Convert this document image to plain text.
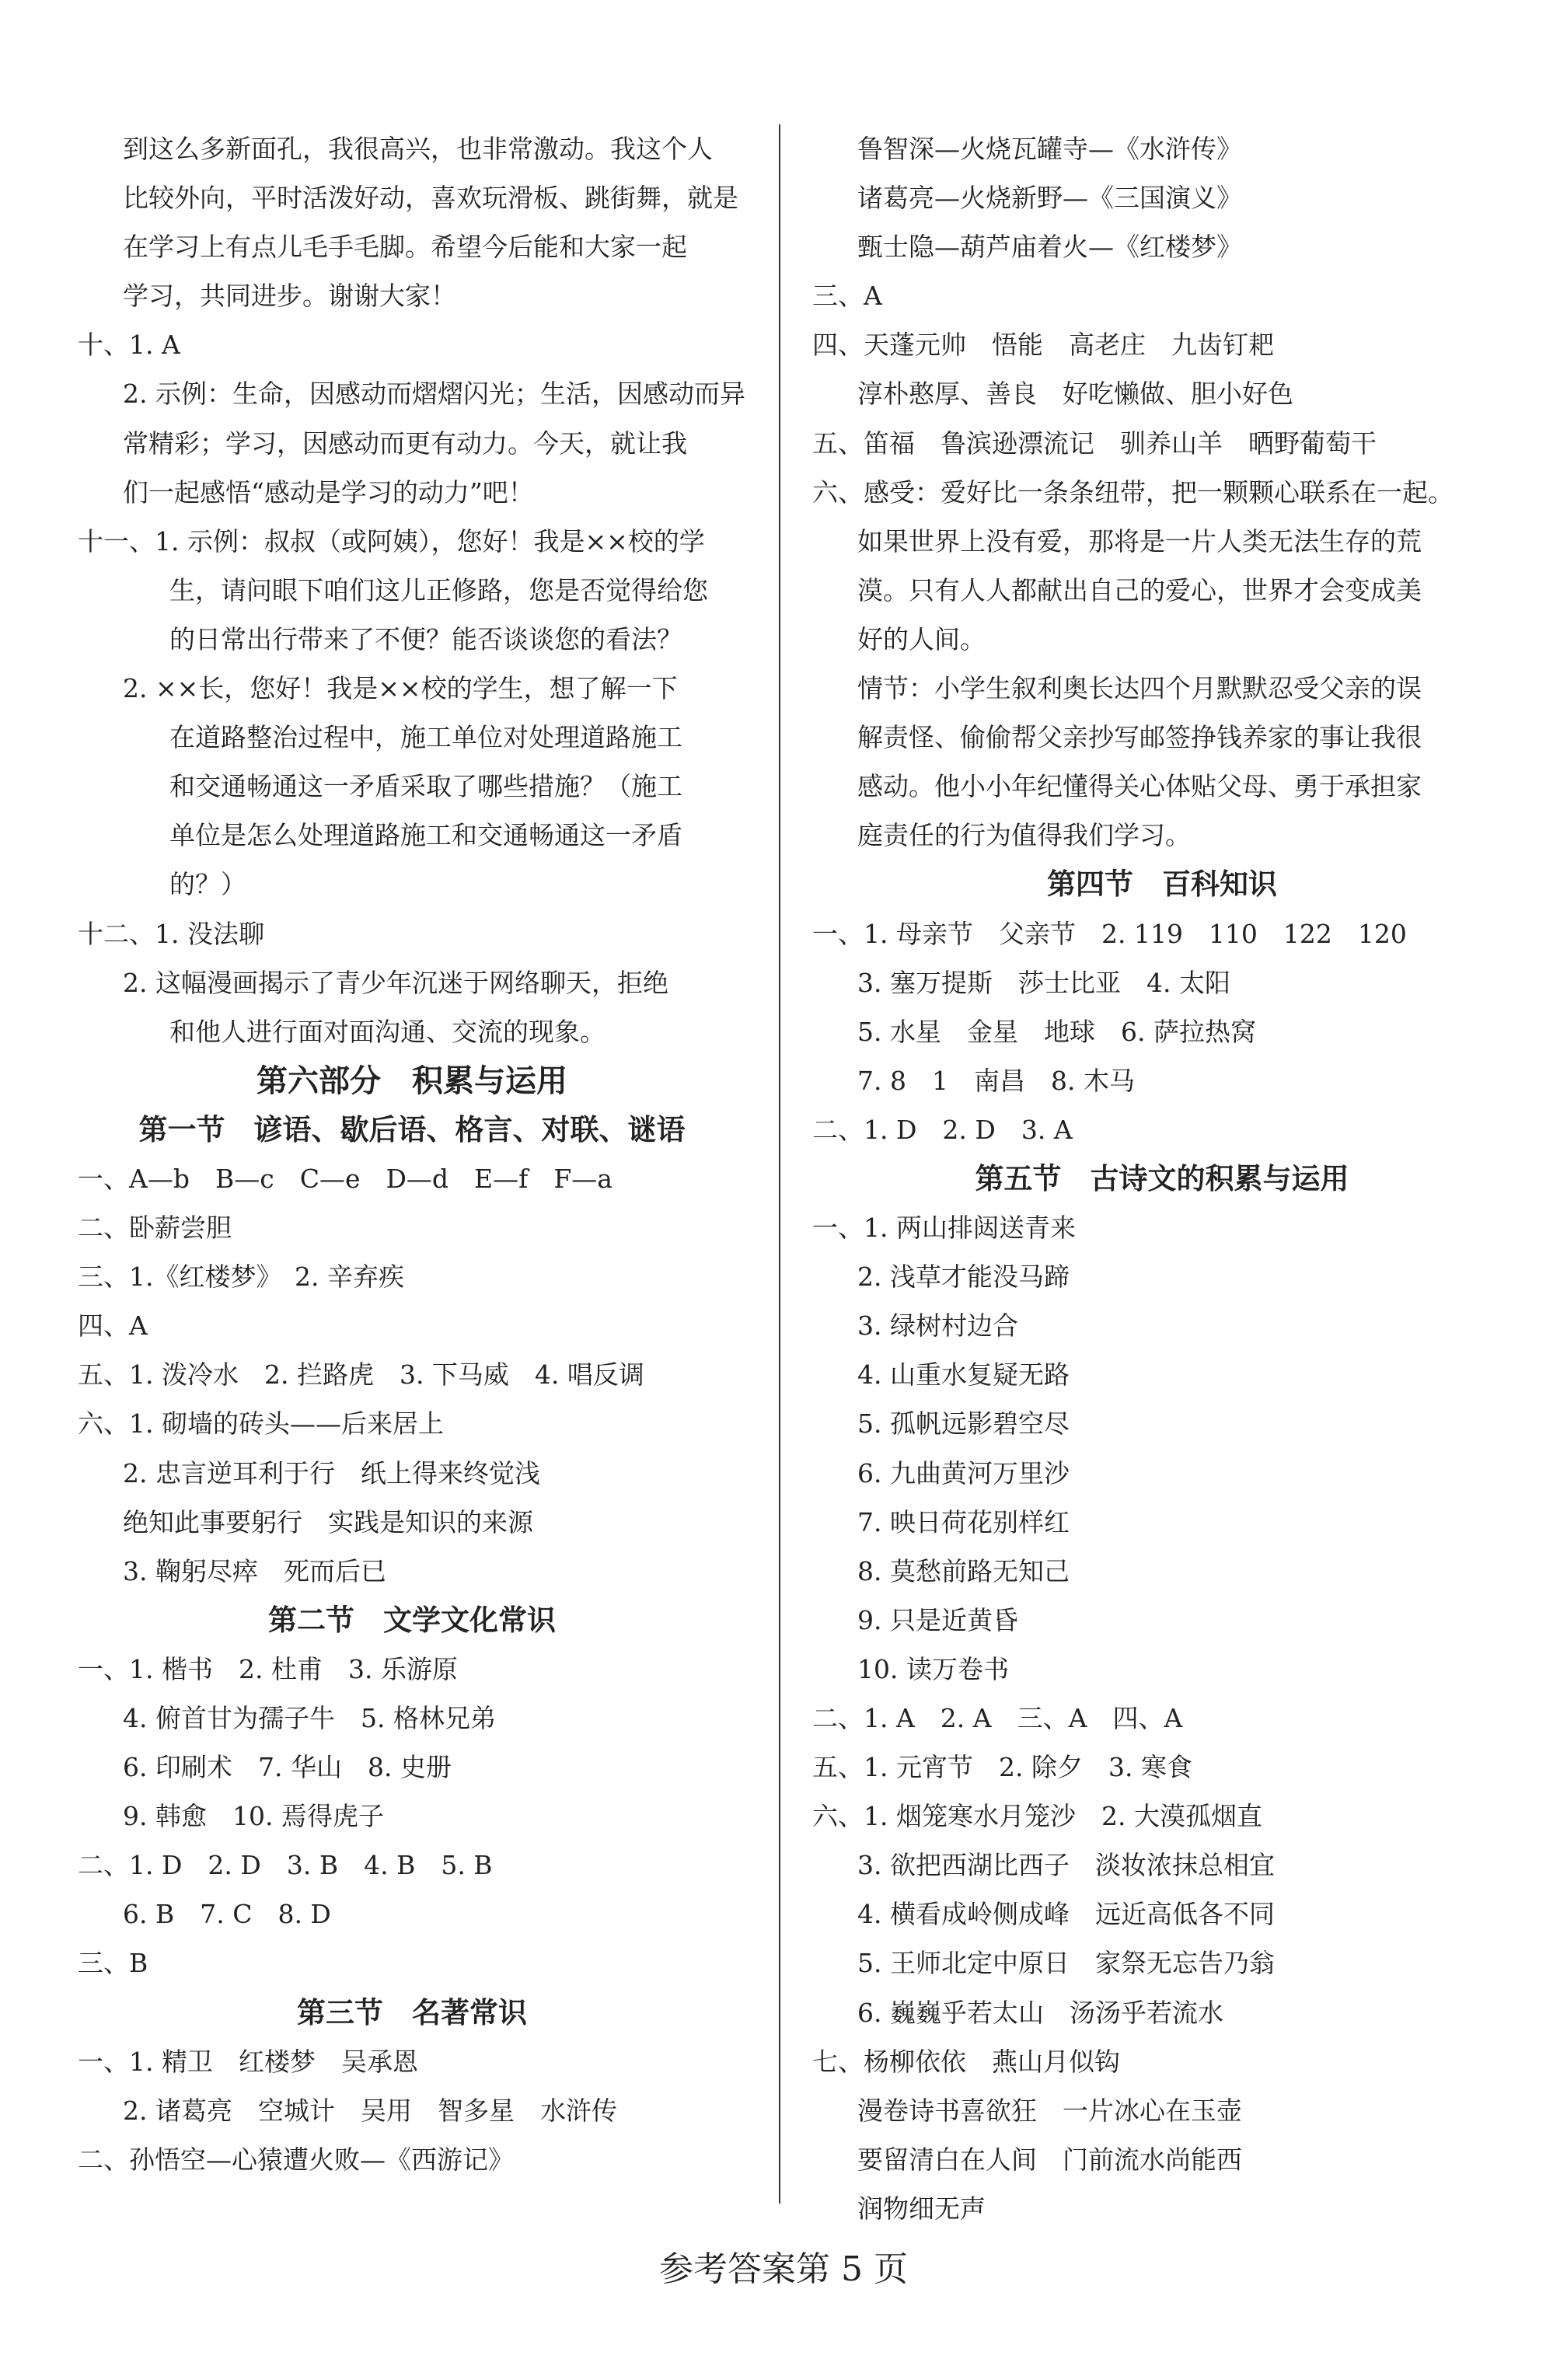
到这么多新面孔，我很高兴，也非常激动。我这个人
比较外向，平时活泼好动，喜欢玩滑板、跳街舞，就是
在学习上有点儿毛手毛脚。希望今后能和大家一起
学习，共同进步。谢谢大家！
十、1. A
2. 示例：生命，因感动而熠熠闪光；生活，因感动而异
常精彩；学习，因感动而更有动力。今天，就让我
们一起感悟“感动是学习的动力”吧！
十一、1. 示例：叔叔（或阿姨），您好！我是××校的学
生，请问眼下咱们这儿正修路，您是否觉得给您
的日常出行带来了不便？能否谈谈您的看法？
2. ××长，您好！我是××校的学生，想了解一下
在道路整治过程中，施工单位对处理道路施工
和交通畅通这一矛盾采取了哪些措施？（施工
单位是怎么处理道路施工和交通畅通这一矛盾
的？）
十二、1. 没法聊
2. 这幅漫画揭示了青少年沉迷于网络聊天，拒绝
和他人进行面对面沟通、交流的现象。
第六部分　积累与运用
第一节　谚语、歇后语、格言、对联、谜语
一、A—b　B—c　C—e　D—d　E—f　F—a
二、卧薪尝胆
三、1.《红楼梦》　2. 辛弃疾
四、A
五、1. 泼冷水　2. 拦路虎　3. 下马威　4. 唱反调
六、1. 砌墙的砖头——后来居上
2. 忠言逆耳利于行　纸上得来终觉浅
绝知此事要躬行　实践是知识的来源
3. 鞠躬尽瘁　死而后已
第二节　文学文化常识
一、1. 楷书　2. 杜甫　3. 乐游原
4. 俯首甘为孺子牛　5. 格林兄弟
6. 印刷术　7. 华山　8. 史册
9. 韩愈　10. 焉得虎子
二、1. D　2. D　3. B　4. B　5. B
6. B　7. C　8. D
三、B
第三节　名著常识
一、1. 精卫　红楼梦　吴承恩
2. 诸葛亮　空城计　吴用　智多星　水浒传
二、孙悟空—心猿遭火败—《西游记》
鲁智深—火烧瓦罐寺—《水浒传》
诸葛亮—火烧新野—《三国演义》
甄士隐—葫芦庙着火—《红楼梦》
三、A
四、天蓬元帅　悟能　高老庄　九齿钉耙
淳朴憨厚、善良　好吃懒做、胆小好色
五、笛福　鲁滨逊漂流记　驯养山羊　晒野葡萄干
六、感受：爱好比一条条纽带，把一颗颗心联系在一起。
如果世界上没有爱，那将是一片人类无法生存的荒
漠。只有人人都献出自己的爱心，世界才会变成美
好的人间。
情节：小学生叙利奥长达四个月默默忍受父亲的误
解责怪、偷偷帮父亲抄写邮签挣钱养家的事让我很
感动。他小小年纪懂得关心体贴父母、勇于承担家
庭责任的行为值得我们学习。
第四节　百科知识
一、1. 母亲节　父亲节　2. 119　110　122　120
3. 塞万提斯　莎士比亚　4. 太阳
5. 水星　金星　地球　6. 萨拉热窝
7. 8　1　南昌　8. 木马
二、1. D　2. D　3. A
第五节　古诗文的积累与运用
一、1. 两山排闼送青来
2. 浅草才能没马蹄
3. 绿树村边合
4. 山重水复疑无路
5. 孤帆远影碧空尽
6. 九曲黄河万里沙
7. 映日荷花别样红
8. 莫愁前路无知己
9. 只是近黄昏
10. 读万卷书
二、1. A　2. A　三、A　四、A
五、1. 元宵节　2. 除夕　3. 寒食
六、1. 烟笼寒水月笼沙　2. 大漠孤烟直
3. 欲把西湖比西子　淡妆浓抹总相宜
4. 横看成岭侧成峰　远近高低各不同
5. 王师北定中原日　家祭无忘告乃翁
6. 巍巍乎若太山　汤汤乎若流水
七、杨柳依依　燕山月似钩
漫卷诗书喜欲狂　一片冰心在玉壶
要留清白在人间　门前流水尚能西
润物细无声
参考答案第 5 页
